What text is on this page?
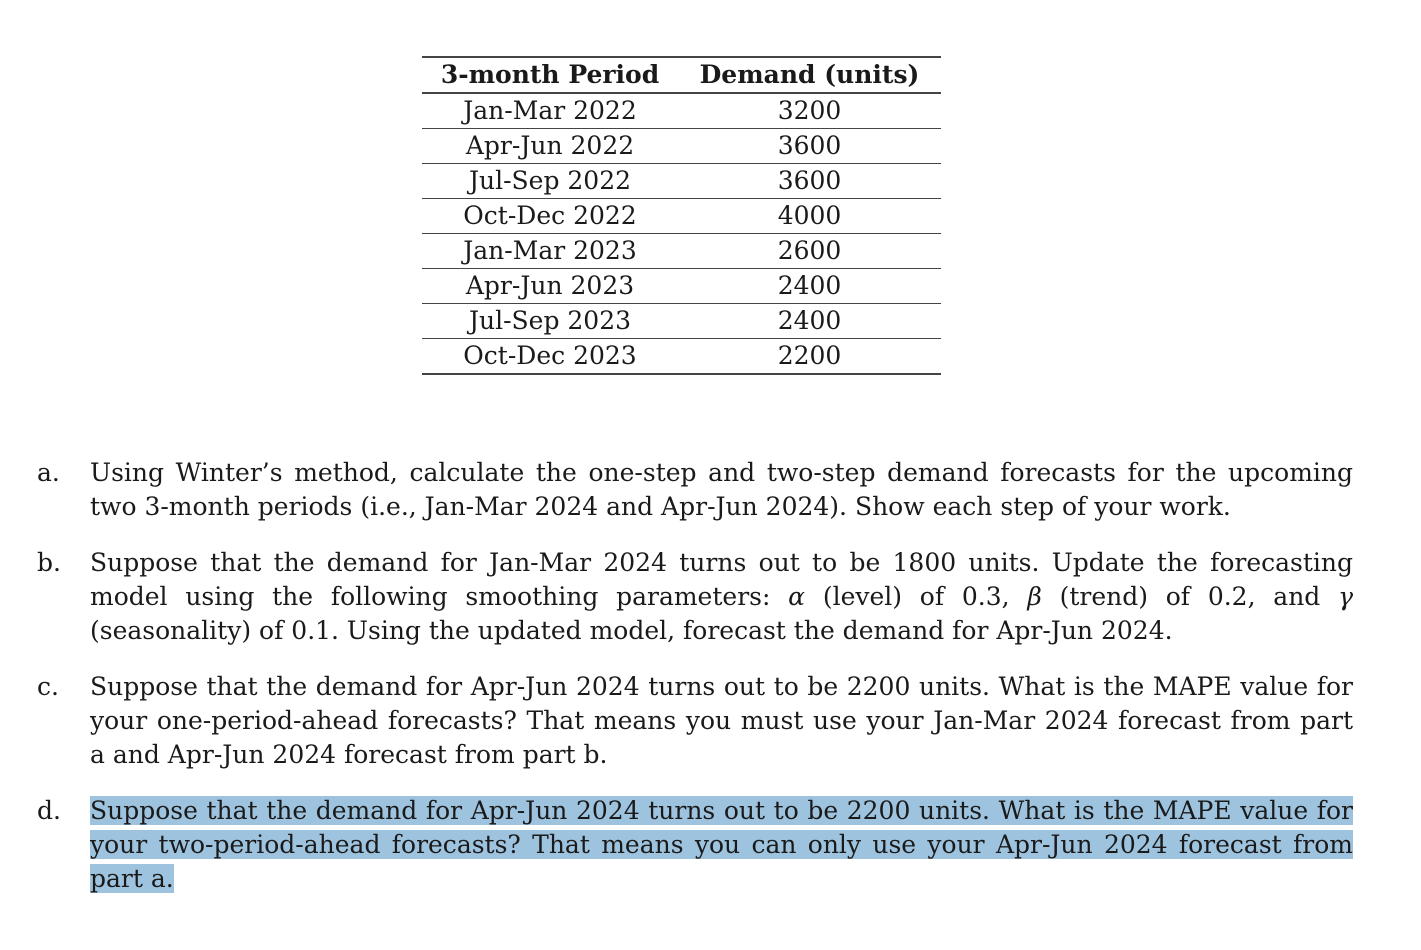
3-month Period	Demand (units)
Jan-Mar 2022	3200
Apr-Jun 2022	3600
Jul-Sep 2022	3600
Oct-Dec 2022	4000
Jan-Mar 2023	2600
Apr-Jun 2023	2400
Jul-Sep 2023	2400
Oct-Dec 2023	2200
a.	Using Winter’s method, calculate the one-step and two-step demand forecasts for the upcoming two 3-month periods (i.e., Jan-Mar 2024 and Apr-Jun 2024). Show each step of your work.
b.	Suppose that the demand for Jan-Mar 2024 turns out to be 1800 units. Update the forecasting model using the following smoothing parameters: α (level) of 0.3, β (trend) of 0.2, and γ (seasonality) of 0.1. Using the updated model, forecast the demand for Apr-Jun 2024.
c.	Suppose that the demand for Apr-Jun 2024 turns out to be 2200 units. What is the MAPE value for your one-period-ahead forecasts? That means you must use your Jan-Mar 2024 forecast from part a and Apr-Jun 2024 forecast from part b.
d.	Suppose that the demand for Apr-Jun 2024 turns out to be 2200 units. What is the MAPE value for your two-period-ahead forecasts? That means you can only use your Apr-Jun 2024 forecast from part a.
